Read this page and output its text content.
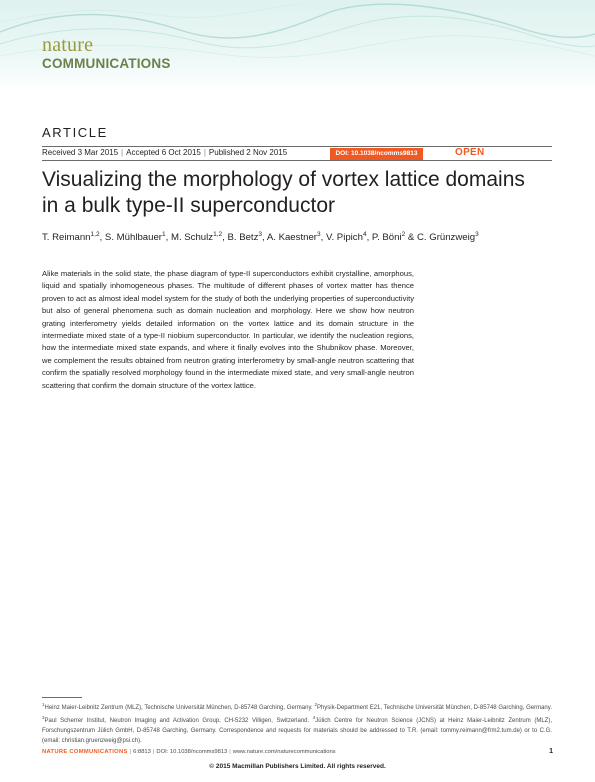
nature
COMMUNICATIONS
ARTICLE
Received 3 Mar 2015 | Accepted 6 Oct 2015 | Published 2 Nov 2015	DOI: 10.1038/ncomms9813	OPEN
Visualizing the morphology of vortex lattice domains in a bulk type-II superconductor
T. Reimann$^{1,2}$, S. Mühlbauer$^1$, M. Schulz$^{1,2}$, B. Betz$^3$, A. Kaestner$^3$, V. Pipich$^4$, P. Böni$^2$ & C. Grünzweig$^3$
Alike materials in the solid state, the phase diagram of type-II superconductors exhibit crystalline, amorphous, liquid and spatially inhomogeneous phases. The multitude of different phases of vortex matter has thence proven to act as almost ideal model system for the study of both the underlying properties of superconductivity but also of general phenomena such as domain nucleation and morphology. Here we show how neutron grating interferometry yields detailed information on the vortex lattice and its domain structure in the intermediate mixed state of a type-II niobium superconductor. In particular, we identify the nucleation regions, how the intermediate mixed state expands, and where it finally evolves into the Shubnikov phase. Moreover, we complement the results obtained from neutron grating interferometry by small-angle neutron scattering that confirm the spatially resolved morphology found in the intermediate mixed state, and very small-angle neutron scattering that confirm the domain structure of the vortex lattice.
$^1$Heinz Maier-Leibnitz Zentrum (MLZ), Technische Universität München, D-85748 Garching, Germany. $^2$Physik-Department E21, Technische Universität München, D-85748 Garching, Germany. $^3$Paul Scherrer Institut, Neutron Imaging and Activation Group, CH-5232 Villigen, Switzerland. $^4$Jülich Centre for Neutron Science (JCNS) at Heinz Maier-Leibnitz Zentrum (MLZ), Forschungszentrum Jülich GmbH, D-85748 Garching, Germany. Correspondence and requests for materials should be addressed to T.R. (email: tommy.reimann@frm2.tum.de) or to C.G. (email: christian.gruenzweig@psi.ch).
NATURE COMMUNICATIONS | 6:8813 | DOI: 10.1038/ncomms9813 | www.nature.com/naturecommunications	1
© 2015 Macmillan Publishers Limited. All rights reserved.
